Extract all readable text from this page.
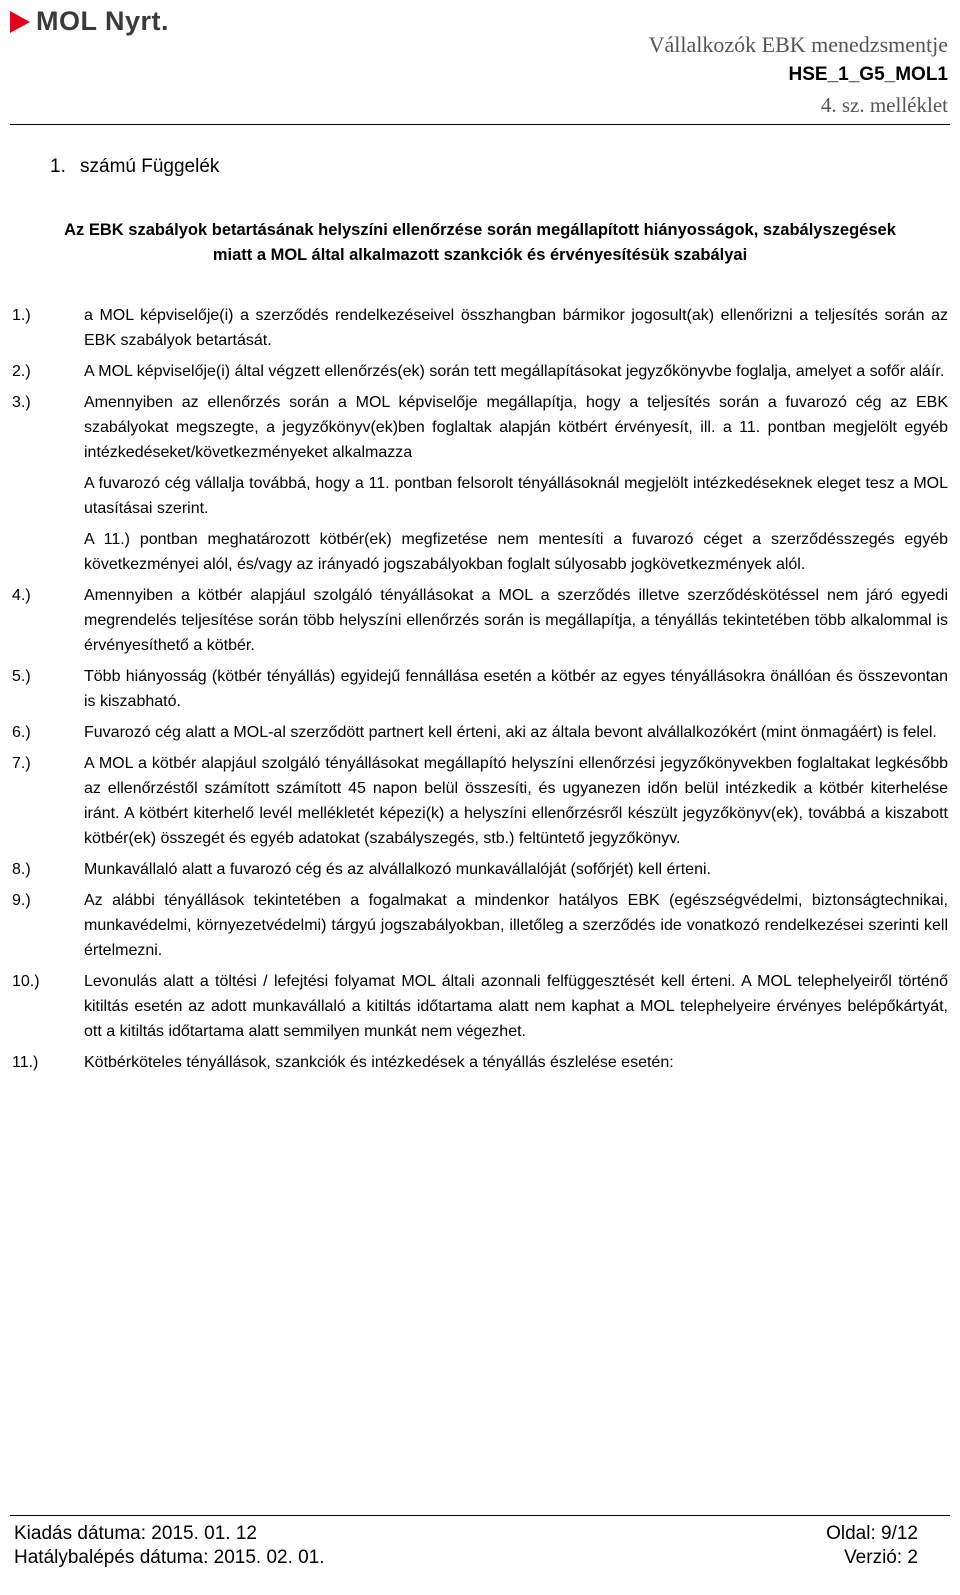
MOL Nyrt.
Vállalkozók EBK menedzsmentje
HSE_1_G5_MOL1
4. sz. melléklet
1. számú Függelék
Az EBK szabályok betartásának helyszíni ellenőrzése során megállapított hiányosságok, szabályszegések
miatt a MOL által alkalmazott szankciók és érvényesítésük szabályai
1.)	a MOL képviselője(i) a szerződés rendelkezéseivel összhangban bármikor jogosult(ak) ellenőrizni a teljesítés során az EBK szabályok betartását.

2.)	A MOL képviselője(i) által végzett ellenőrzés(ek) során tett megállapításokat jegyzőkönyvbe foglalja, amelyet a sofőr aláír.

3.)	Amennyiben az ellenőrzés során a MOL képviselője megállapítja, hogy a teljesítés során a fuvarozó cég az EBK szabályokat megszegte, a jegyzőkönyv(ek)ben foglaltak alapján kötbért érvényesít, ill. a 11. pontban megjelölt egyéb intézkedéseket/következményeket alkalmazza

A fuvarozó cég vállalja továbbá, hogy a 11. pontban felsorolt tényállásoknál megjelölt intézkedéseknek eleget tesz a MOL utasításai szerint.

A 11.) pontban meghatározott kötbér(ek) megfizetése nem mentesíti a fuvarozó céget a szerződésszegés egyéb következményei alól, és/vagy az irányadó jogszabályokban foglalt súlyosabb jogkövetkezmények alól.

4.)	Amennyiben a kötbér alapjául szolgáló tényállásokat a MOL a szerződés illetve szerződéskötéssel nem járó egyedi megrendelés teljesítése során több helyszíni ellenőrzés során is megállapítja, a tényállás tekintetében több alkalommal is érvényesíthető a kötbér.

5.)	Több hiányosság (kötbér tényállás) egyidejű fennállása esetén a kötbér az egyes tényállásokra önállóan és összevontan is kiszabható.

6.)	Fuvarozó cég alatt a MOL-al szerződött partnert kell érteni, aki az általa bevont alvállalkozókért (mint önmagáért) is felel.

7.)	A MOL a kötbér alapjául szolgáló tényállásokat megállapító helyszíni ellenőrzési jegyzőkönyvekben foglaltakat legkésőbb az ellenőrzéstől számított számított 45 napon belül összesíti, és ugyanezen időn belül intézkedik a kötbér kiterhelése iránt. A kötbért kiterhelő levél mellékletét képezi(k) a helyszíni ellenőrzésről készült jegyzőkönyv(ek), továbbá a kiszabott kötbér(ek) összegét és egyéb adatokat (szabályszegés, stb.) feltüntető jegyzőkönyv.

8.)	Munkavállaló alatt a fuvarozó cég és az alvállalkozó munkavállalóját (sofőrjét) kell érteni.

9.)	Az alábbi tényállások tekintetében a fogalmakat a mindenkor hatályos EBK (egészségvédelmi, biztonságtechnikai, munkavédelmi, környezetvédelmi) tárgyú jogszabályokban, illetőleg a szerződés ide vonatkozó rendelkezései szerinti kell értelmezni.

10.)	Levonulás alatt a töltési / lefejtési folyamat MOL általi azonnali felfüggesztését kell érteni. A MOL telephelyeiről történő kitiltás esetén az adott munkavállaló a kitiltás időtartama alatt nem kaphat a MOL telephelyeire érvényes belépőkártyát, ott a kitiltás időtartama alatt semmilyen munkát nem végezhet.

11.)	Kötbérköteles tényállások, szankciók és intézkedések a tényállás észlelése esetén:

Kiadás dátuma: 2015. 01. 12	Oldal: 9/12
Hatálybalépés dátuma: 2015. 02. 01.	Verzió: 2
